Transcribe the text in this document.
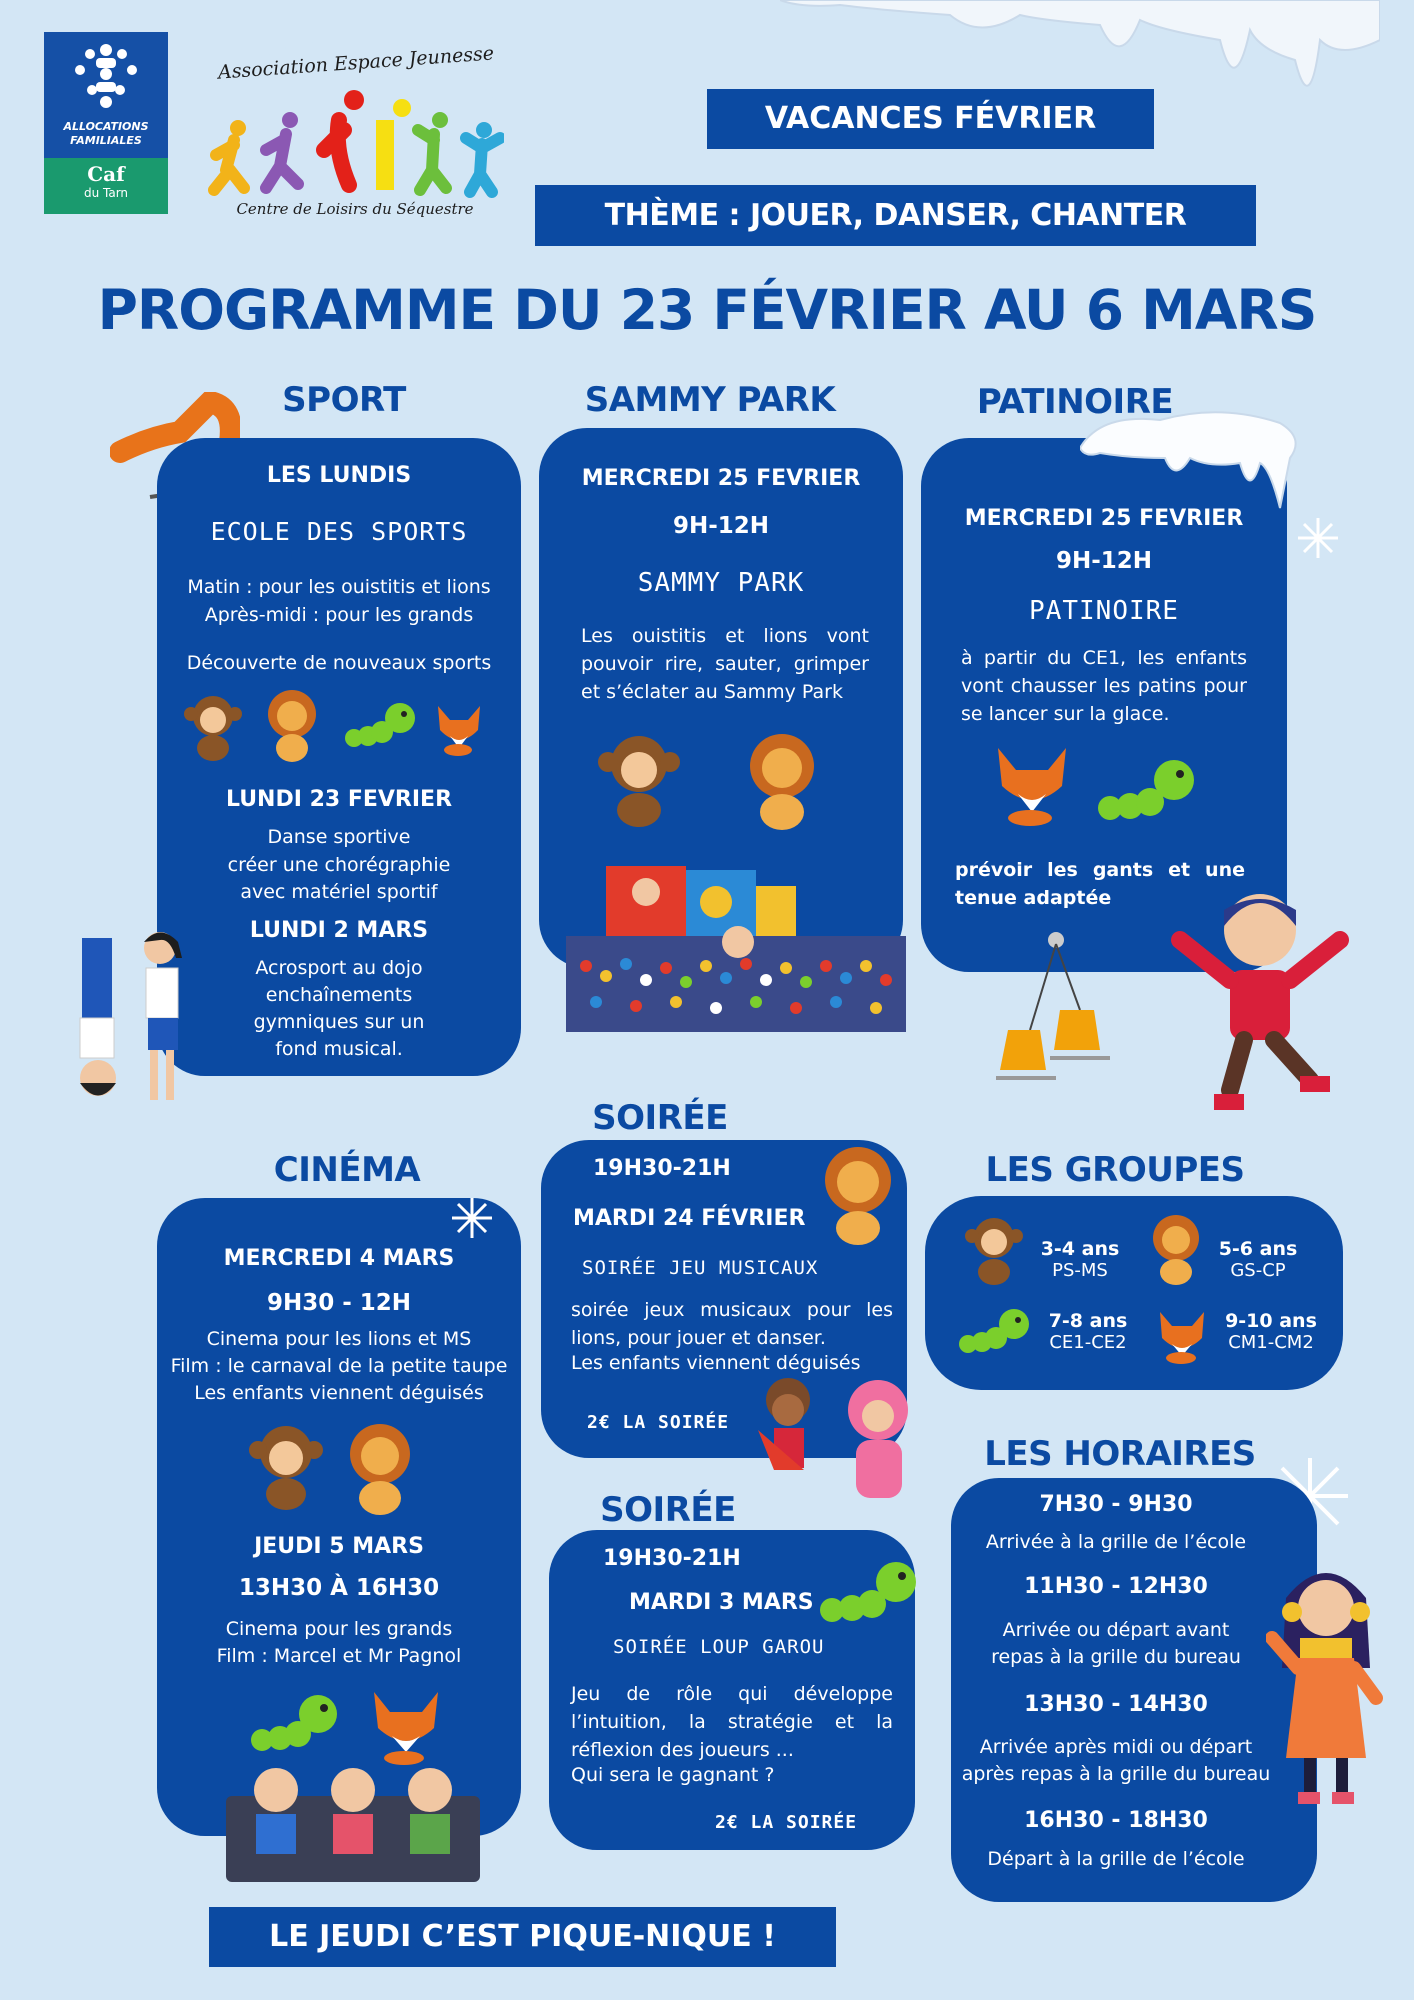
ALLOCATIONS
FAMILIALES
Caf
du Tarn
Association Espace Jeunesse
Centre de Loisirs du Séquestre
VACANCES FÉVRIER
THÈME : JOUER, DANSER, CHANTER
PROGRAMME DU 23 FÉVRIER AU 6 MARS
SPORT
LES LUNDIS
ECOLE DES SPORTS
Matin : pour les ouistitis et lions
Après-midi : pour les grands
Découverte de nouveaux sports
LUNDI 23 FEVRIER
Danse sportive
créer une chorégraphie
avec matériel sportif
LUNDI 2 MARS
Acrosport au dojo
enchaînements
gymniques sur un
fond musical.
SAMMY PARK
MERCREDI 25 FEVRIER
9H-12H
SAMMY PARK
Les ouistitis et lions vont pouvoir rire, sauter, grimper et s’éclater au Sammy Park
PATINOIRE
MERCREDI 25 FEVRIER
9H-12H
PATINOIRE
à partir du CE1, les enfants vont chausser les patins pour se lancer sur la glace.
prévoir les gants et une tenue adaptée
CINÉMA
MERCREDI 4 MARS
9H30 - 12H
Cinema pour les lions et MS
Film : le carnaval de la petite taupe
Les enfants viennent déguisés
JEUDI 5 MARS
13H30 À 16H30
Cinema pour les grands
Film : Marcel et Mr Pagnol
SOIRÉE
19H30-21H
MARDI 24 FÉVRIER
SOIRÉE JEU MUSICAUX
soirée jeux musicaux pour les lions, pour jouer et danser.
Les enfants viennent déguisés
2€ LA SOIRÉE
SOIRÉE
19H30-21H
MARDI 3 MARS
SOIRÉE LOUP GAROU
Jeu de rôle qui développe l’intuition, la stratégie et la réflexion des joueurs ...
Qui sera le gagnant ?
2€ LA SOIRÉE
LES GROUPES
3-4 ans
PS-MS
5-6 ans
GS-CP
7-8 ans
CE1-CE2
9-10 ans
CM1-CM2
LES HORAIRES
7H30 - 9H30
Arrivée à la grille de l’école
11H30 - 12H30
Arrivée ou départ avant
repas à la grille du bureau
13H30 - 14H30
Arrivée après midi ou départ
après repas à la grille du bureau
16H30 - 18H30
Départ à la grille de l’école
LE JEUDI C’EST PIQUE-NIQUE !
